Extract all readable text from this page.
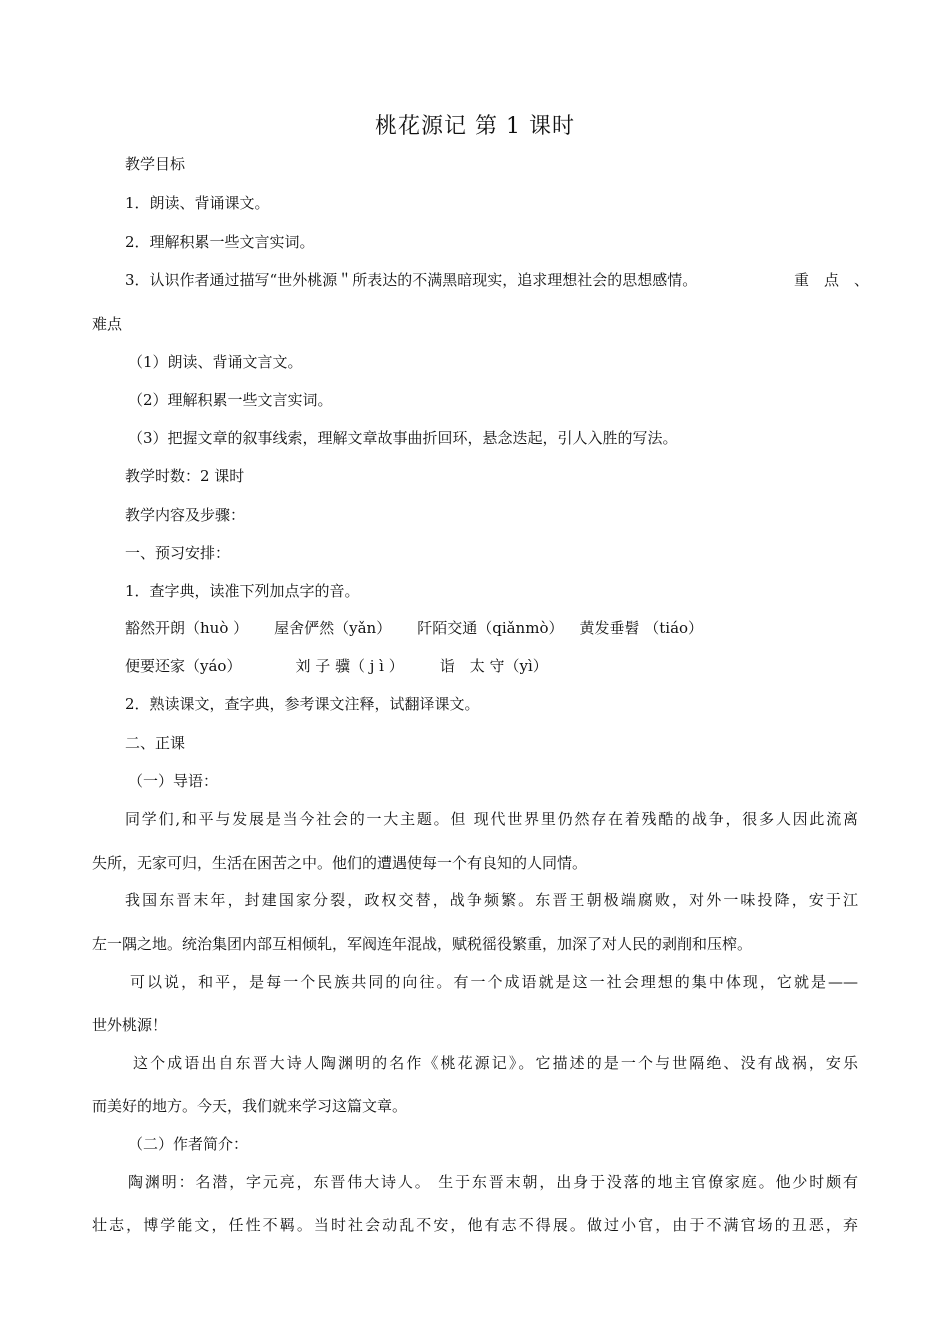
桃花源记 第 1 课时
教学目标
1．朗读、背诵课文。
2．理解积累一些文言实词。
3．认识作者通过描写“世外桃源＂所表达的不满黑暗现实，追求理想社会的思想感情。	重　点　、
难点
（1）朗读、背诵文言文。
（2）理解积累一些文言实词。
（3）把握文章的叙事线索，理解文章故事曲折回环，悬念迭起，引人入胜的写法。
教学时数：2 课时
教学内容及步骤：
一、预习安排：
1．查字典，读准下列加点字的音。
豁然开朗（huò ） 屋舍俨然（yǎn） 阡陌交通（qiǎnmò） 黄发垂髫 （tiáo）
便要还家（yáo）	刘 子 骥（ j ì ） 诣　太 守（yì）
2．熟读课文，查字典，参考课文注释，试翻译课文。
二、正课
（一）导语：
同学们,和平与发展是当今社会的一大主题。但 现代世界里仍然存在着残酷的战争，很多人因此流离
失所，无家可归，生活在困苦之中。他们的遭遇使每一个有良知的人同情。
我国东晋末年，封建国家分裂，政权交替，战争频繁。东晋王朝极端腐败，对外一味投降，安于江
左一隅之地。统治集团内部互相倾轧，军阀连年混战，赋税徭役繁重，加深了对人民的剥削和压榨。
可以说，和平，是每一个民族共同的向往。有一个成语就是这一社会理想的集中体现，它就是——
世外桃源！
这个成语出自东晋大诗人陶渊明的名作《桃花源记》。它描述的是一个与世隔绝、没有战祸，安乐
而美好的地方。今天，我们就来学习这篇文章。
（二）作者简介：
陶渊明：名潜，字元亮，东晋伟大诗人。 生于东晋末朝，出身于没落的地主官僚家庭。他少时颇有
壮志，博学能文，任性不羁。当时社会动乱不安，他有志不得展。做过小官，由于不满官场的丑恶，弃
